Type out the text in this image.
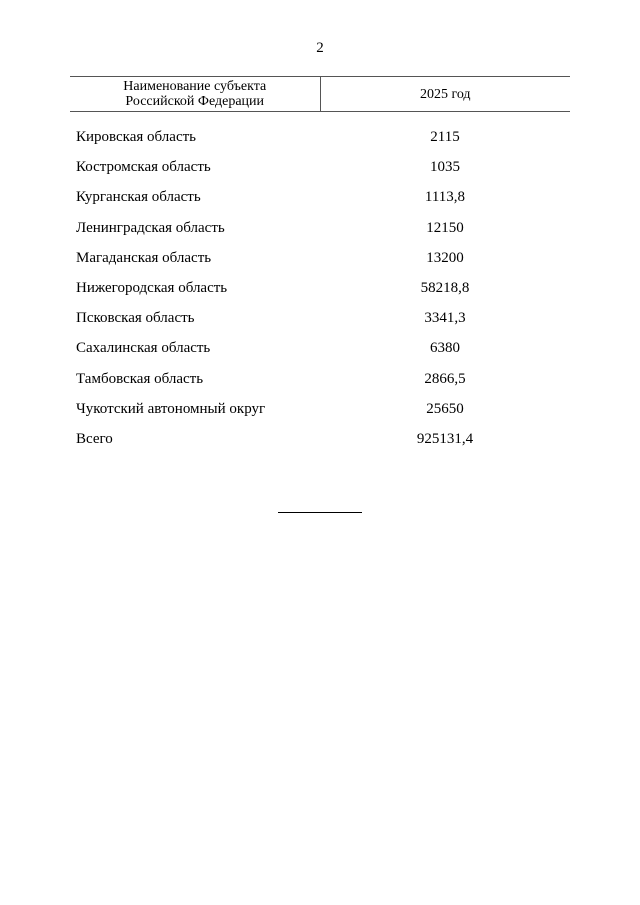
2
Наименование субъекта
Российской Федерации	2025 год
Кировская область	2115
Костромская область	1035
Курганская область	1113,8
Ленинградская область	12150
Магаданская область	13200
Нижегородская область	58218,8
Псковская область	3341,3
Сахалинская область	6380
Тамбовская область	2866,5
Чукотский автономный округ	25650
Всего	925131,4
